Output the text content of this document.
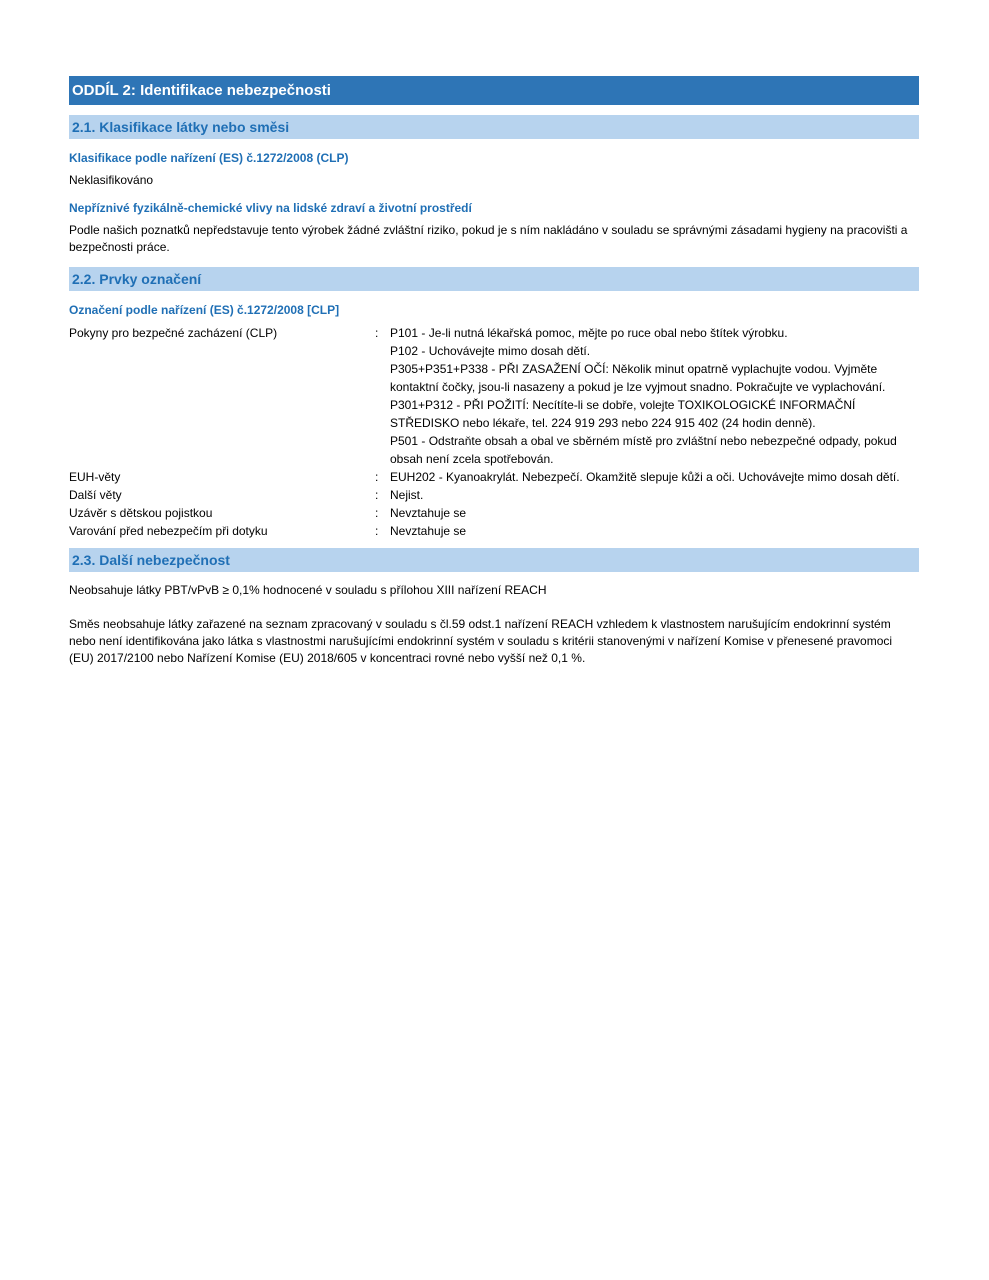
ODDÍL 2: Identifikace nebezpečnosti
2.1. Klasifikace látky nebo směsi
Klasifikace podle nařízení (ES) č.1272/2008 (CLP)
Neklasifikováno
Nepříznivé fyzikálně-chemické vlivy na lidské zdraví a životní prostředí
Podle našich poznatků nepředstavuje tento výrobek žádné zvláštní riziko, pokud je s ním nakládáno v souladu se správnými zásadami hygieny na pracovišti a bezpečnosti práce.
2.2. Prvky označení
Označení podle nařízení (ES) č.1272/2008 [CLP]
Pokyny pro bezpečné zacházení (CLP)	: P101 - Je-li nutná lékařská pomoc, mějte po ruce obal nebo štítek výrobku.
P102 - Uchovávejte mimo dosah dětí.
P305+P351+P338 - PŘI ZASAŽENÍ OČÍ: Několik minut opatrně vyplachujte vodou. Vyjměte kontaktní čočky, jsou-li nasazeny a pokud je lze vyjmout snadno. Pokračujte ve vyplachování.
P301+P312 - PŘI POŽITÍ: Necítíte-li se dobře, volejte TOXIKOLOGICKÉ INFORMAČNÍ STŘEDISKO nebo lékaře, tel. 224 919 293 nebo 224 915 402 (24 hodin denně).
P501 - Odstraňte obsah a obal ve sběrném místě pro zvláštní nebo nebezpečné odpady, pokud obsah není zcela spotřebován.
EUH-věty	: EUH202 - Kyanoakrylát. Nebezpečí. Okamžitě slepuje kůži a oči. Uchovávejte mimo dosah dětí.
Další věty	: Nejist.
Uzávěr s dětskou pojistkou	: Nevztahuje se
Varování před nebezpečím při dotyku	: Nevztahuje se
2.3. Další nebezpečnost
Neobsahuje látky PBT/vPvB ≥ 0,1% hodnocené v souladu s přílohou XIII nařízení REACH
Směs neobsahuje látky zařazené na seznam zpracovaný v souladu s čl.59 odst.1 nařízení REACH vzhledem k vlastnostem narušujícím endokrinní systém nebo není identifikována jako látka s vlastnostmi narušujícími endokrinní systém v souladu s kritérii stanovenými v nařízení Komise v přenesené pravomoci (EU) 2017/2100 nebo Nařízení Komise (EU) 2018/605 v koncentraci rovné nebo vyšší než 0,1 %.
